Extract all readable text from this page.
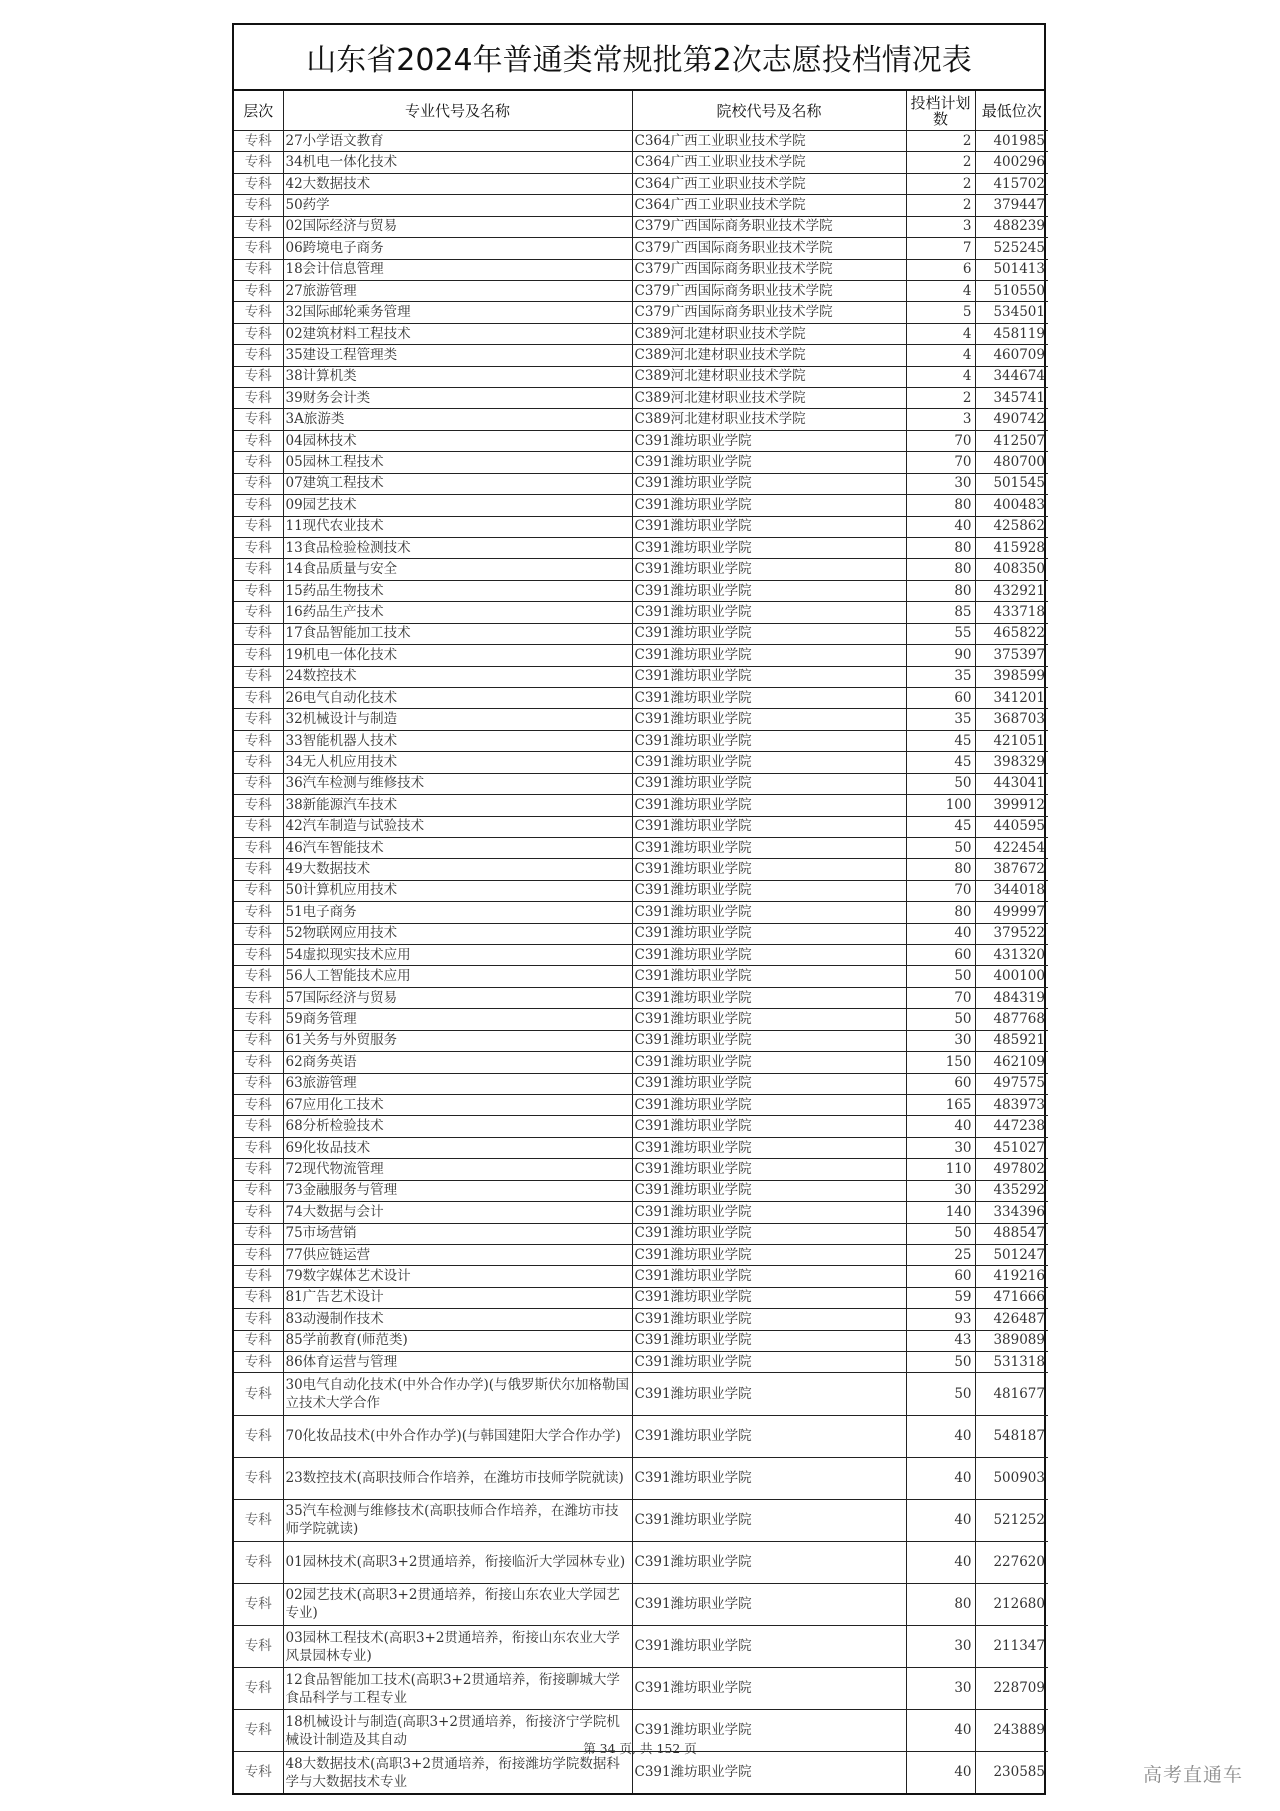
山东省2024年普通类常规批第2次志愿投档情况表
层次	专业代号及名称	院校代号及名称	投档计划数	最低位次
专科	27小学语文教育	C364广西工业职业技术学院	2	401985
专科	34机电一体化技术	C364广西工业职业技术学院	2	400296
专科	42大数据技术	C364广西工业职业技术学院	2	415702
专科	50药学	C364广西工业职业技术学院	2	379447
专科	02国际经济与贸易	C379广西国际商务职业技术学院	3	488239
专科	06跨境电子商务	C379广西国际商务职业技术学院	7	525245
专科	18会计信息管理	C379广西国际商务职业技术学院	6	501413
专科	27旅游管理	C379广西国际商务职业技术学院	4	510550
专科	32国际邮轮乘务管理	C379广西国际商务职业技术学院	5	534501
专科	02建筑材料工程技术	C389河北建材职业技术学院	4	458119
专科	35建设工程管理类	C389河北建材职业技术学院	4	460709
专科	38计算机类	C389河北建材职业技术学院	4	344674
专科	39财务会计类	C389河北建材职业技术学院	2	345741
专科	3A旅游类	C389河北建材职业技术学院	3	490742
专科	04园林技术	C391潍坊职业学院	70	412507
专科	05园林工程技术	C391潍坊职业学院	70	480700
专科	07建筑工程技术	C391潍坊职业学院	30	501545
专科	09园艺技术	C391潍坊职业学院	80	400483
专科	11现代农业技术	C391潍坊职业学院	40	425862
专科	13食品检验检测技术	C391潍坊职业学院	80	415928
专科	14食品质量与安全	C391潍坊职业学院	80	408350
专科	15药品生物技术	C391潍坊职业学院	80	432921
专科	16药品生产技术	C391潍坊职业学院	85	433718
专科	17食品智能加工技术	C391潍坊职业学院	55	465822
专科	19机电一体化技术	C391潍坊职业学院	90	375397
专科	24数控技术	C391潍坊职业学院	35	398599
专科	26电气自动化技术	C391潍坊职业学院	60	341201
专科	32机械设计与制造	C391潍坊职业学院	35	368703
专科	33智能机器人技术	C391潍坊职业学院	45	421051
专科	34无人机应用技术	C391潍坊职业学院	45	398329
专科	36汽车检测与维修技术	C391潍坊职业学院	50	443041
专科	38新能源汽车技术	C391潍坊职业学院	100	399912
专科	42汽车制造与试验技术	C391潍坊职业学院	45	440595
专科	46汽车智能技术	C391潍坊职业学院	50	422454
专科	49大数据技术	C391潍坊职业学院	80	387672
专科	50计算机应用技术	C391潍坊职业学院	70	344018
专科	51电子商务	C391潍坊职业学院	80	499997
专科	52物联网应用技术	C391潍坊职业学院	40	379522
专科	54虚拟现实技术应用	C391潍坊职业学院	60	431320
专科	56人工智能技术应用	C391潍坊职业学院	50	400100
专科	57国际经济与贸易	C391潍坊职业学院	70	484319
专科	59商务管理	C391潍坊职业学院	50	487768
专科	61关务与外贸服务	C391潍坊职业学院	30	485921
专科	62商务英语	C391潍坊职业学院	150	462109
专科	63旅游管理	C391潍坊职业学院	60	497575
专科	67应用化工技术	C391潍坊职业学院	165	483973
专科	68分析检验技术	C391潍坊职业学院	40	447238
专科	69化妆品技术	C391潍坊职业学院	30	451027
专科	72现代物流管理	C391潍坊职业学院	110	497802
专科	73金融服务与管理	C391潍坊职业学院	30	435292
专科	74大数据与会计	C391潍坊职业学院	140	334396
专科	75市场营销	C391潍坊职业学院	50	488547
专科	77供应链运营	C391潍坊职业学院	25	501247
专科	79数字媒体艺术设计	C391潍坊职业学院	60	419216
专科	81广告艺术设计	C391潍坊职业学院	59	471666
专科	83动漫制作技术	C391潍坊职业学院	93	426487
专科	85学前教育(师范类)	C391潍坊职业学院	43	389089
专科	86体育运营与管理	C391潍坊职业学院	50	531318
专科	30电气自动化技术(中外合作办学)(与俄罗斯伏尔加格勒国立技术大学合作	C391潍坊职业学院	50	481677
专科	70化妆品技术(中外合作办学)(与韩国建阳大学合作办学)	C391潍坊职业学院	40	548187
专科	23数控技术(高职技师合作培养，在潍坊市技师学院就读)	C391潍坊职业学院	40	500903
专科	35汽车检测与维修技术(高职技师合作培养，在潍坊市技师学院就读)	C391潍坊职业学院	40	521252
专科	01园林技术(高职3+2贯通培养，衔接临沂大学园林专业)	C391潍坊职业学院	40	227620
专科	02园艺技术(高职3+2贯通培养，衔接山东农业大学园艺专业)	C391潍坊职业学院	80	212680
专科	03园林工程技术(高职3+2贯通培养，衔接山东农业大学风景园林专业)	C391潍坊职业学院	30	211347
专科	12食品智能加工技术(高职3+2贯通培养，衔接聊城大学食品科学与工程专业	C391潍坊职业学院	30	228709
专科	18机械设计与制造(高职3+2贯通培养，衔接济宁学院机械设计制造及其自动	C391潍坊职业学院	40	243889
专科	48大数据技术(高职3+2贯通培养，衔接潍坊学院数据科学与大数据技术专业	C391潍坊职业学院	40	230585
第 34 页, 共 152 页
高考直通车
